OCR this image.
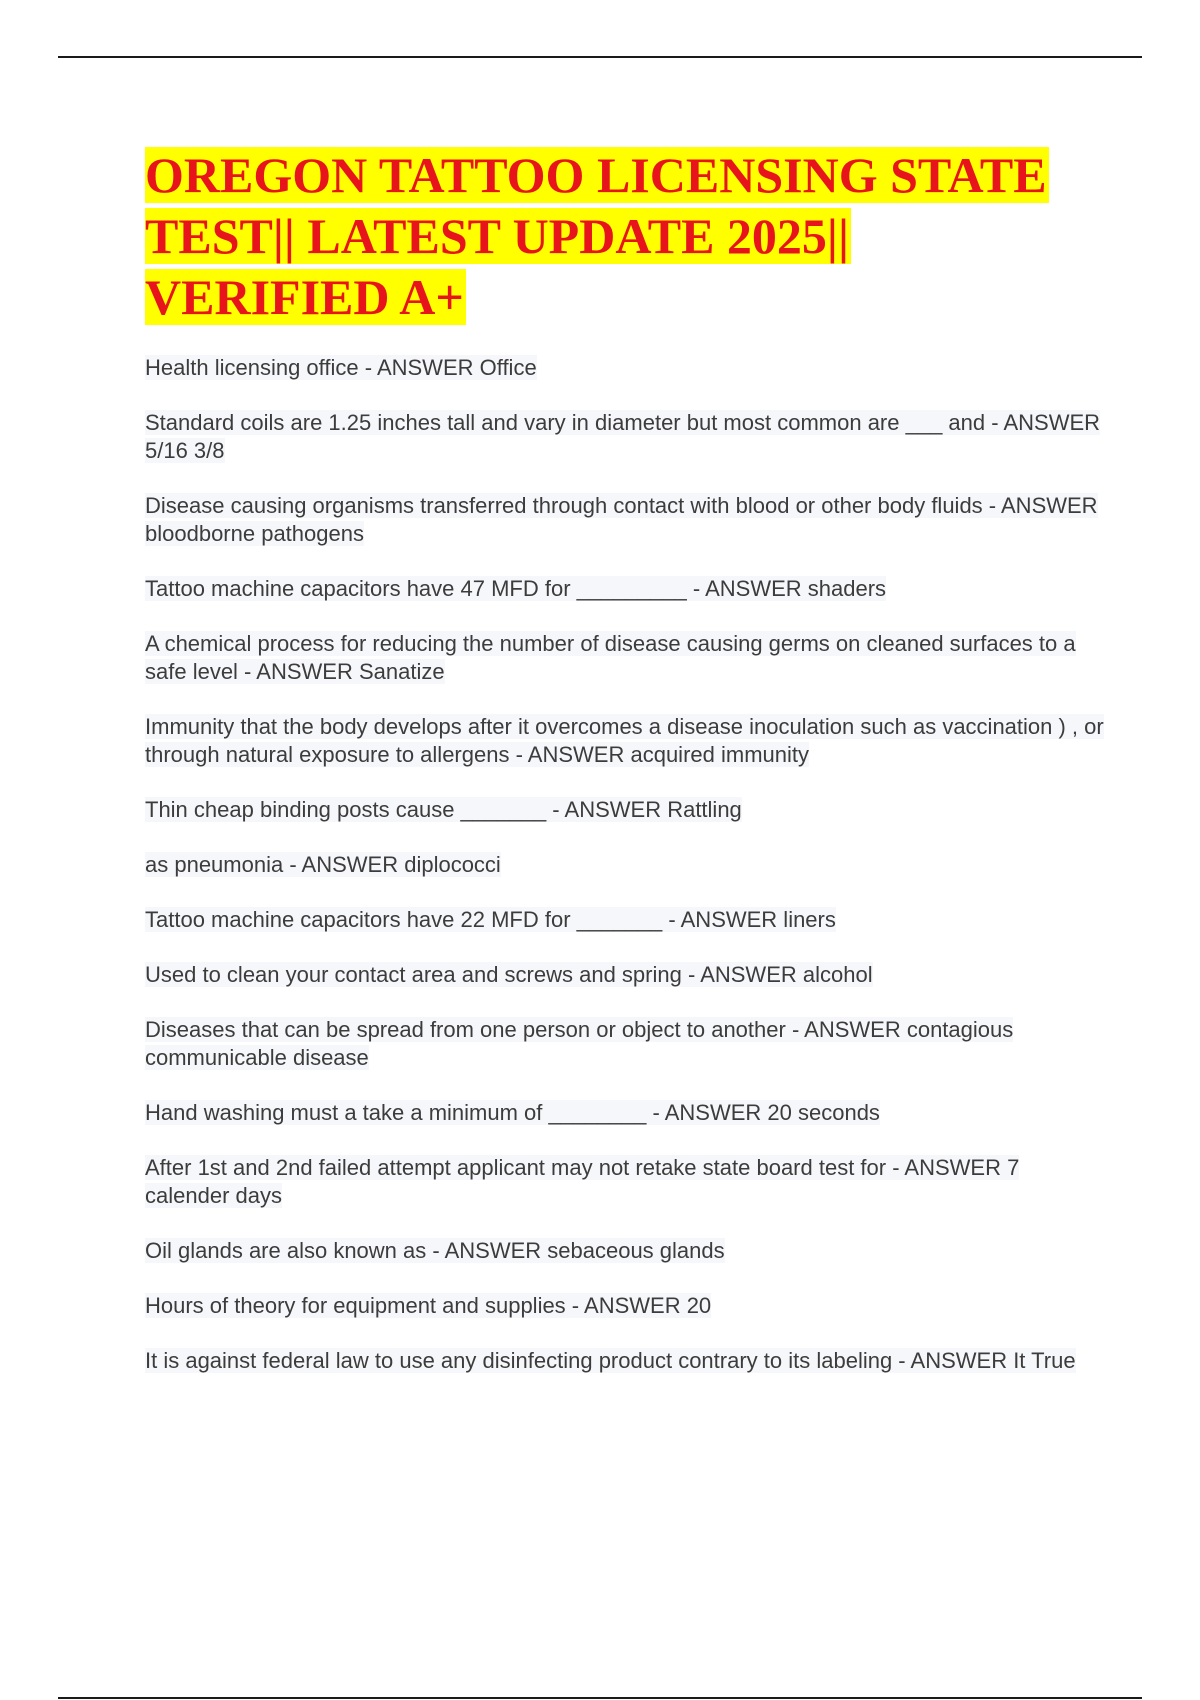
OREGON TATTOO LICENSING STATE TEST|| LATEST UPDATE 2025|| VERIFIED A+
Health licensing office - ANSWER Office
Standard coils are 1.25 inches tall and vary in diameter but most common are ___ and - ANSWER 5/16 3/8
Disease causing organisms transferred through contact with blood or other body fluids - ANSWER bloodborne pathogens
Tattoo machine capacitors have 47 MFD for _________ - ANSWER shaders
A chemical process for reducing the number of disease causing germs on cleaned surfaces to a safe level - ANSWER Sanatize
Immunity that the body develops after it overcomes a disease inoculation such as vaccination ) , or through natural exposure to allergens - ANSWER acquired immunity
Thin cheap binding posts cause _______ - ANSWER Rattling
as pneumonia - ANSWER diplococci
Tattoo machine capacitors have 22 MFD for _______ - ANSWER liners
Used to clean your contact area and screws and spring - ANSWER alcohol
Diseases that can be spread from one person or object to another - ANSWER contagious communicable disease
Hand washing must a take a minimum of ________ - ANSWER 20 seconds
After 1st and 2nd failed attempt applicant may not retake state board test for - ANSWER 7 calender days
Oil glands are also known as - ANSWER sebaceous glands
Hours of theory for equipment and supplies - ANSWER 20
It is against federal law to use any disinfecting product contrary to its labeling - ANSWER It True
